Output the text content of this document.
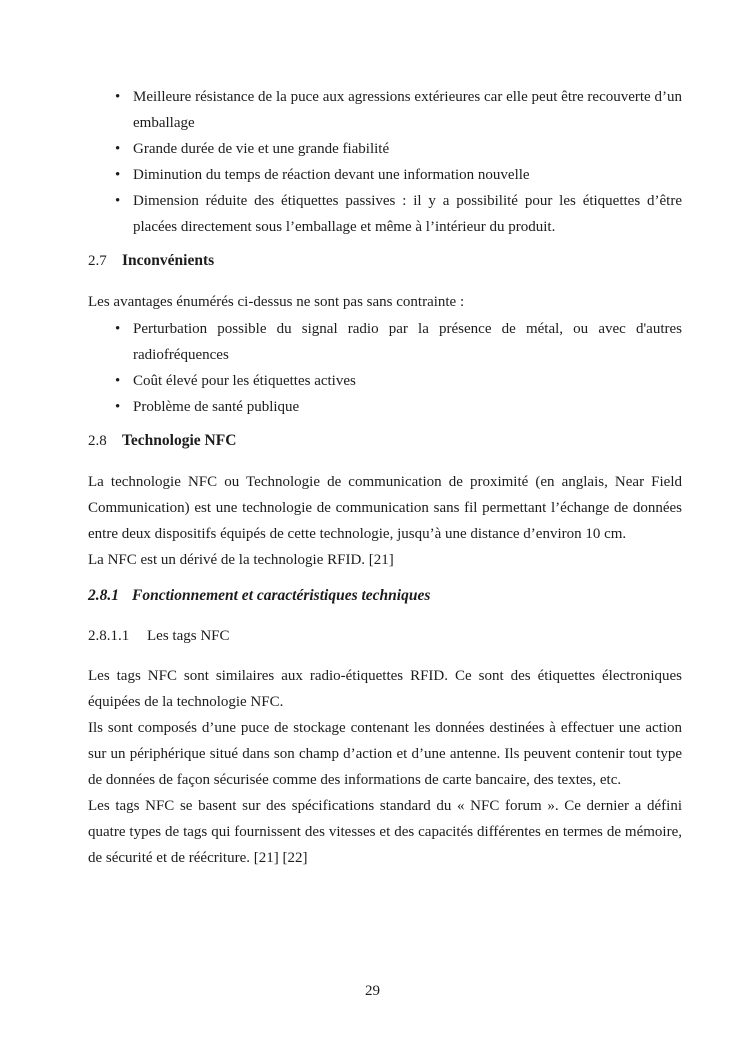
• Meilleure résistance de la puce aux agressions extérieures car elle peut être recouverte d’un
emballage
• Grande durée de vie et une grande fiabilité
• Diminution du temps de réaction devant une information nouvelle
• Dimension réduite des étiquettes passives : il y a possibilité pour les étiquettes d’être
placées directement sous l’emballage et même à l’intérieur du produit.
2.7 Inconvénients
Les avantages énumérés ci-dessus ne sont pas sans contrainte :
• Perturbation possible du signal radio par la présence de métal, ou avec d'autres
radiofréquences
• Coût élevé pour les étiquettes actives
• Problème de santé publique
2.8 Technologie NFC
La technologie NFC ou Technologie de communication de proximité (en anglais, Near Field
Communication) est une technologie de communication sans fil permettant l’échange de données
entre deux dispositifs équipés de cette technologie, jusqu’à une distance d’environ 10 cm.
La NFC est un dérivé de la technologie RFID. [21]
2.8.1 Fonctionnement et caractéristiques techniques
2.8.1.1 Les tags NFC
Les tags NFC sont similaires aux radio-étiquettes RFID. Ce sont des étiquettes électroniques
équipées de la technologie NFC.
Ils sont composés d’une puce de stockage contenant les données destinées à effectuer une action
sur un périphérique situé dans son champ d’action et d’une antenne. Ils peuvent contenir tout type
de données de façon sécurisée comme des informations de carte bancaire, des textes, etc.
Les tags NFC se basent sur des spécifications standard du « NFC forum ». Ce dernier a défini
quatre types de tags qui fournissent des vitesses et des capacités différentes en termes de mémoire,
de sécurité et de réécriture. [21] [22]
29
